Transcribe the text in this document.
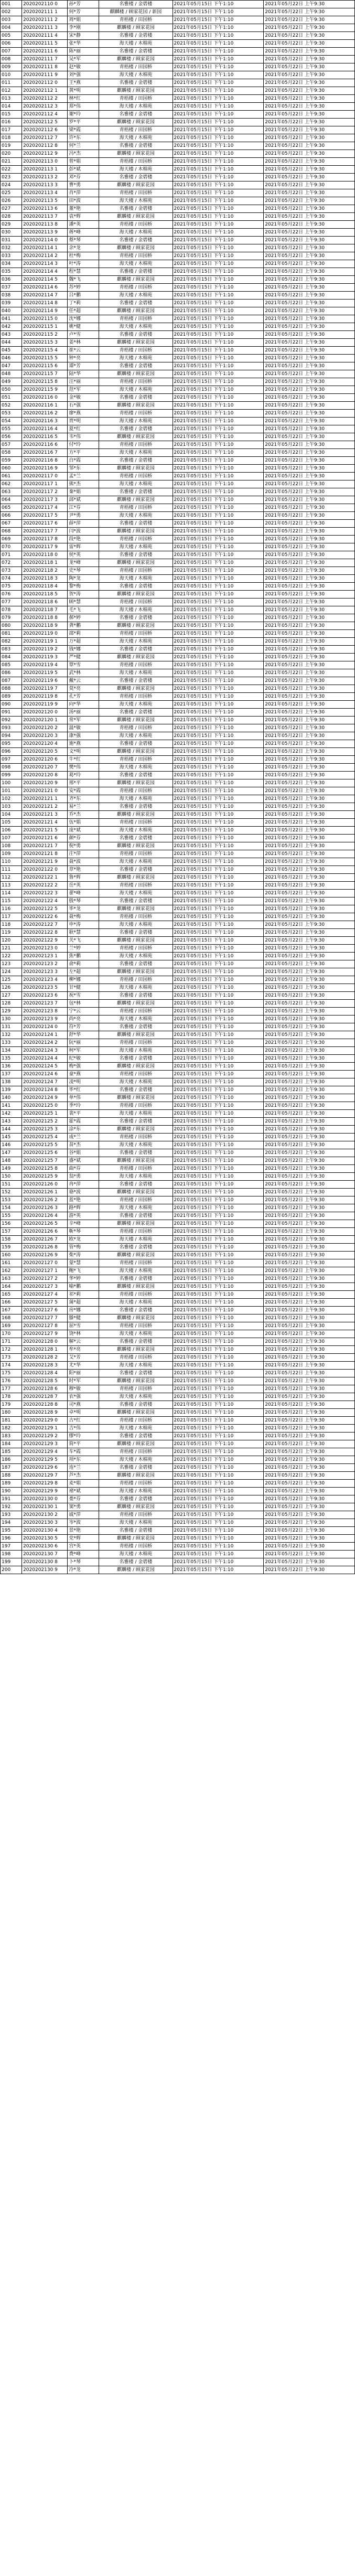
001	2020202110 0	孙*芳	名雅楼 / 金碧楼	2021年05月15日 下午1:10	2021年05月22日 上午9:30
002	2020202111 1	何*芳	麒麟楼 / 顾家花园 / 新园	2021年05月15日 下午1:10	2021年05月22日 上午9:30
003	2020202111 2	周*娟	青梧楼 / 田园桥	2021年05月15日 下午1:10	2021年05月22日 上午9:30
004	2020202111 3	李*刚	麒麟楼 / 顾家花园	2021年05月15日 下午1:10	2021年05月22日 上午9:30
005	2020202111 4	宋*静	名雅楼 / 金碧楼	2021年05月15日 下午1:10	2021年05月22日 上午9:30
006	2020202111 5	张*华	海天楼 / 木棉苑	2021年05月15日 下午1:10	2021年05月22日 上午9:30
007	2020202111 6	陈*丽	名雅楼 / 金碧楼	2021年05月15日 下午1:10	2021年05月22日 上午9:30
008	2020202111 7	吴*军	麒麟楼 / 顾家花园	2021年05月15日 下午1:10	2021年05月22日 上午9:30
009	2020202111 8	赵*敏	青梧楼 / 田园桥	2021年05月15日 下午1:10	2021年05月22日 上午9:30
010	2020202111 9	刘*强	海天楼 / 木棉苑	2021年05月15日 下午1:10	2021年05月22日 上午9:30
011	2020202112 0	王*燕	名雅楼 / 金碧楼	2021年05月15日 下午1:10	2021年05月22日 上午9:30
012	2020202112 1	黄*明	麒麟楼 / 顾家花园	2021年05月15日 下午1:10	2021年05月22日 上午9:30
013	2020202112 2	林*红	青梧楼 / 田园桥	2021年05月15日 下午1:10	2021年05月22日 上午9:30
014	2020202112 3	郑*伟	海天楼 / 木棉苑	2021年05月15日 下午1:10	2021年05月22日 上午9:30
015	2020202112 4	谢*玲	名雅楼 / 金碧楼	2021年05月15日 下午1:10	2021年05月22日 上午9:30
016	2020202112 5	罗*平	麒麟楼 / 顾家花园	2021年05月15日 下午1:10	2021年05月22日 上午9:30
017	2020202112 6	梁*霞	青梧楼 / 田园桥	2021年05月15日 下午1:10	2021年05月22日 上午9:30
018	2020202112 7	许*东	海天楼 / 木棉苑	2021年05月15日 下午1:10	2021年05月22日 上午9:30
019	2020202112 8	何*兰	名雅楼 / 金碧楼	2021年05月15日 下午1:10	2021年05月22日 上午9:30
020	2020202112 9	冯*杰	麒麟楼 / 顾家花园	2021年05月15日 下午1:10	2021年05月22日 上午9:30
021	2020202113 0	曾*娟	青梧楼 / 田园桥	2021年05月15日 下午1:10	2021年05月22日 上午9:30
022	2020202113 1	彭*斌	海天楼 / 木棉苑	2021年05月15日 下午1:10	2021年05月22日 上午9:30
023	2020202113 2	邓*芬	名雅楼 / 金碧楼	2021年05月15日 下午1:10	2021年05月22日 上午9:30
024	2020202113 3	曹*勇	麒麟楼 / 顾家花园	2021年05月15日 下午1:10	2021年05月22日 上午9:30
025	2020202113 4	肖*萍	青梧楼 / 田园桥	2021年05月15日 下午1:10	2021年05月22日 上午9:30
026	2020202113 5	田*波	海天楼 / 木棉苑	2021年05月15日 下午1:10	2021年05月22日 上午9:30
027	2020202113 6	董*艳	名雅楼 / 金碧楼	2021年05月15日 下午1:10	2021年05月22日 上午9:30
028	2020202113 7	袁*辉	麒麟楼 / 顾家花园	2021年05月15日 下午1:10	2021年05月22日 上午9:30
029	2020202113 8	潘*英	青梧楼 / 田园桥	2021年05月15日 下午1:10	2021年05月22日 上午9:30
030	2020202113 9	蒋*峰	海天楼 / 木棉苑	2021年05月15日 下午1:10	2021年05月22日 上午9:30
031	2020202114 0	蔡*琴	名雅楼 / 金碧楼	2021年05月15日 下午1:10	2021年05月22日 上午9:30
032	2020202114 1	余*龙	麒麟楼 / 顾家花园	2021年05月15日 下午1:10	2021年05月22日 上午9:30
033	2020202114 2	杜*梅	青梧楼 / 田园桥	2021年05月15日 下午1:10	2021年05月22日 上午9:30
034	2020202114 3	叶*涛	海天楼 / 木棉苑	2021年05月15日 下午1:10	2021年05月22日 上午9:30
035	2020202114 4	程*慧	名雅楼 / 金碧楼	2021年05月15日 下午1:10	2021年05月22日 上午9:30
036	2020202114 5	魏*飞	麒麟楼 / 顾家花园	2021年05月15日 下午1:10	2021年05月22日 上午9:30
037	2020202114 6	苏*婷	青梧楼 / 田园桥	2021年05月15日 下午1:10	2021年05月22日 上午9:30
038	2020202114 7	吕*鹏	海天楼 / 木棉苑	2021年05月15日 下午1:10	2021年05月22日 上午9:30
039	2020202114 8	丁*莉	名雅楼 / 金碧楼	2021年05月15日 下午1:10	2021年05月22日 上午9:30
040	2020202114 9	任*超	麒麟楼 / 顾家花园	2021年05月15日 下午1:10	2021年05月22日 上午9:30
041	2020202115 0	沈*娜	青梧楼 / 田园桥	2021年05月15日 下午1:10	2021年05月22日 上午9:30
042	2020202115 1	姚*健	海天楼 / 木棉苑	2021年05月15日 下午1:10	2021年05月22日 上午9:30
043	2020202115 2	卢*雪	名雅楼 / 金碧楼	2021年05月15日 下午1:10	2021年05月22日 上午9:30
044	2020202115 3	姜*林	麒麟楼 / 顾家花园	2021年05月15日 下午1:10	2021年05月22日 上午9:30
045	2020202115 4	崔*云	青梧楼 / 田园桥	2021年05月15日 下午1:10	2021年05月22日 上午9:30
046	2020202115 5	钟*亮	海天楼 / 木棉苑	2021年05月15日 下午1:10	2021年05月22日 上午9:30
047	2020202115 6	谭*芳	名雅楼 / 金碧楼	2021年05月15日 下午1:10	2021年05月22日 上午9:30
048	2020202115 7	陆*华	麒麟楼 / 顾家花园	2021年05月15日 下午1:10	2021年05月22日 上午9:30
049	2020202115 8	汪*丽	青梧楼 / 田园桥	2021年05月15日 下午1:10	2021年05月22日 上午9:30
050	2020202115 9	范*军	海天楼 / 木棉苑	2021年05月15日 下午1:10	2021年05月22日 上午9:30
051	2020202116 0	金*敏	名雅楼 / 金碧楼	2021年05月15日 下午1:10	2021年05月22日 上午9:30
052	2020202116 1	石*强	麒麟楼 / 顾家花园	2021年05月15日 下午1:10	2021年05月22日 上午9:30
053	2020202116 2	廖*燕	青梧楼 / 田园桥	2021年05月15日 下午1:10	2021年05月22日 上午9:30
054	2020202116 3	贾*明	海天楼 / 木棉苑	2021年05月15日 下午1:10	2021年05月22日 上午9:30
055	2020202116 4	夏*红	名雅楼 / 金碧楼	2021年05月15日 下午1:10	2021年05月22日 上午9:30
056	2020202116 5	韦*伟	麒麟楼 / 顾家花园	2021年05月15日 下午1:10	2021年05月22日 上午9:30
057	2020202116 6	付*玲	青梧楼 / 田园桥	2021年05月15日 下午1:10	2021年05月22日 上午9:30
058	2020202116 7	方*平	海天楼 / 木棉苑	2021年05月15日 下午1:10	2021年05月22日 上午9:30
059	2020202116 8	白*霞	名雅楼 / 金碧楼	2021年05月15日 下午1:10	2021年05月22日 上午9:30
060	2020202116 9	邹*东	麒麟楼 / 顾家花园	2021年05月15日 下午1:10	2021年05月22日 上午9:30
061	2020202117 0	孟*兰	青梧楼 / 田园桥	2021年05月15日 下午1:10	2021年05月22日 上午9:30
062	2020202117 1	熊*杰	海天楼 / 木棉苑	2021年05月15日 下午1:10	2021年05月22日 上午9:30
063	2020202117 2	秦*娟	名雅楼 / 金碧楼	2021年05月15日 下午1:10	2021年05月22日 上午9:30
064	2020202117 3	邱*斌	麒麟楼 / 顾家花园	2021年05月15日 下午1:10	2021年05月22日 上午9:30
065	2020202117 4	江*芬	青梧楼 / 田园桥	2021年05月15日 下午1:10	2021年05月22日 上午9:30
066	2020202117 5	尹*勇	海天楼 / 木棉苑	2021年05月15日 下午1:10	2021年05月22日 上午9:30
067	2020202117 6	薛*萍	名雅楼 / 金碧楼	2021年05月15日 下午1:10	2021年05月22日 上午9:30
068	2020202117 7	闫*波	麒麟楼 / 顾家花园	2021年05月15日 下午1:10	2021年05月22日 上午9:30
069	2020202117 8	段*艳	青梧楼 / 田园桥	2021年05月15日 下午1:10	2021年05月22日 上午9:30
070	2020202117 9	雷*辉	海天楼 / 木棉苑	2021年05月15日 下午1:10	2021年05月22日 上午9:30
071	2020202118 0	侯*英	名雅楼 / 金碧楼	2021年05月15日 下午1:10	2021年05月22日 上午9:30
072	2020202118 1	龙*峰	麒麟楼 / 顾家花园	2021年05月15日 下午1:10	2021年05月22日 上午9:30
073	2020202118 2	史*琴	青梧楼 / 田园桥	2021年05月15日 下午1:10	2021年05月22日 上午9:30
074	2020202118 3	陶*龙	海天楼 / 木棉苑	2021年05月15日 下午1:10	2021年05月22日 上午9:30
075	2020202118 4	黎*梅	名雅楼 / 金碧楼	2021年05月15日 下午1:10	2021年05月22日 上午9:30
076	2020202118 5	贺*涛	麒麟楼 / 顾家花园	2021年05月15日 下午1:10	2021年05月22日 上午9:30
077	2020202118 6	顾*慧	青梧楼 / 田园桥	2021年05月15日 下午1:10	2021年05月22日 上午9:30
078	2020202118 7	毛*飞	海天楼 / 木棉苑	2021年05月15日 下午1:10	2021年05月22日 上午9:30
079	2020202118 8	郝*婷	名雅楼 / 金碧楼	2021年05月15日 下午1:10	2021年05月22日 上午9:30
080	2020202118 9	龚*鹏	麒麟楼 / 顾家花园	2021年05月15日 下午1:10	2021年05月22日 上午9:30
081	2020202119 0	邵*莉	青梧楼 / 田园桥	2021年05月15日 下午1:10	2021年05月22日 上午9:30
082	2020202119 1	万*超	海天楼 / 木棉苑	2021年05月15日 下午1:10	2021年05月22日 上午9:30
083	2020202119 2	钱*娜	名雅楼 / 金碧楼	2021年05月15日 下午1:10	2021年05月22日 上午9:30
084	2020202119 3	严*健	麒麟楼 / 顾家花园	2021年05月15日 下午1:10	2021年05月22日 上午9:30
085	2020202119 4	覃*雪	青梧楼 / 田园桥	2021年05月15日 下午1:10	2021年05月22日 上午9:30
086	2020202119 5	武*林	海天楼 / 木棉苑	2021年05月15日 下午1:10	2021年05月22日 上午9:30
087	2020202119 6	戴*云	名雅楼 / 金碧楼	2021年05月15日 下午1:10	2021年05月22日 上午9:30
088	2020202119 7	莫*亮	麒麟楼 / 顾家花园	2021年05月15日 下午1:10	2021年05月22日 上午9:30
089	2020202119 8	孔*芳	青梧楼 / 田园桥	2021年05月15日 下午1:10	2021年05月22日 上午9:30
090	2020202119 9	向*华	海天楼 / 木棉苑	2021年05月15日 下午1:10	2021年05月22日 上午9:30
091	2020202120 0	汤*丽	名雅楼 / 金碧楼	2021年05月15日 下午1:10	2021年05月22日 上午9:30
092	2020202120 1	常*军	麒麟楼 / 顾家花园	2021年05月15日 下午1:10	2021年05月22日 上午9:30
093	2020202120 2	温*敏	青梧楼 / 田园桥	2021年05月15日 下午1:10	2021年05月22日 上午9:30
094	2020202120 3	康*强	海天楼 / 木棉苑	2021年05月15日 下午1:10	2021年05月22日 上午9:30
095	2020202120 4	施*燕	名雅楼 / 金碧楼	2021年05月15日 下午1:10	2021年05月22日 上午9:30
096	2020202120 5	文*明	麒麟楼 / 顾家花园	2021年05月15日 下午1:10	2021年05月22日 上午9:30
097	2020202120 6	牛*红	青梧楼 / 田园桥	2021年05月15日 下午1:10	2021年05月22日 上午9:30
098	2020202120 7	樊*伟	海天楼 / 木棉苑	2021年05月15日 下午1:10	2021年05月22日 上午9:30
099	2020202120 8	葛*玲	名雅楼 / 金碧楼	2021年05月15日 下午1:10	2021年05月22日 上午9:30
100	2020202120 9	邢*平	麒麟楼 / 顾家花园	2021年05月15日 下午1:10	2021年05月22日 上午9:30
101	2020202121 0	安*霞	青梧楼 / 田园桥	2021年05月15日 下午1:10	2021年05月22日 上午9:30
102	2020202121 1	齐*东	海天楼 / 木棉苑	2021年05月15日 下午1:10	2021年05月22日 上午9:30
103	2020202121 2	易*兰	名雅楼 / 金碧楼	2021年05月15日 下午1:10	2021年05月22日 上午9:30
104	2020202121 3	乔*杰	麒麟楼 / 顾家花园	2021年05月15日 下午1:10	2021年05月22日 上午9:30
105	2020202121 4	伍*娟	青梧楼 / 田园桥	2021年05月15日 下午1:10	2021年05月22日 上午9:30
106	2020202121 5	庞*斌	海天楼 / 木棉苑	2021年05月15日 下午1:10	2021年05月22日 上午9:30
107	2020202121 6	颜*芬	名雅楼 / 金碧楼	2021年05月15日 下午1:10	2021年05月22日 上午9:30
108	2020202121 7	倪*勇	麒麟楼 / 顾家花园	2021年05月15日 下午1:10	2021年05月22日 上午9:30
109	2020202121 8	庄*萍	青梧楼 / 田园桥	2021年05月15日 下午1:10	2021年05月22日 上午9:30
110	2020202121 9	聂*波	海天楼 / 木棉苑	2021年05月15日 下午1:10	2021年05月22日 上午9:30
111	2020202122 0	章*艳	名雅楼 / 金碧楼	2021年05月15日 下午1:10	2021年05月22日 上午9:30
112	2020202122 1	鲁*辉	麒麟楼 / 顾家花园	2021年05月15日 下午1:10	2021年05月22日 上午9:30
113	2020202122 2	岳*英	青梧楼 / 田园桥	2021年05月15日 下午1:10	2021年05月22日 上午9:30
114	2020202122 3	翟*峰	海天楼 / 木棉苑	2021年05月15日 下午1:10	2021年05月22日 上午9:30
115	2020202122 4	殷*琴	名雅楼 / 金碧楼	2021年05月15日 下午1:10	2021年05月22日 上午9:30
116	2020202122 5	毕*龙	麒麟楼 / 顾家花园	2021年05月15日 下午1:10	2021年05月22日 上午9:30
117	2020202122 6	聂*梅	青梧楼 / 田园桥	2021年05月15日 下午1:10	2021年05月22日 上午9:30
118	2020202122 7	申*涛	海天楼 / 木棉苑	2021年05月15日 下午1:10	2021年05月22日 上午9:30
119	2020202122 8	耿*慧	名雅楼 / 金碧楼	2021年05月15日 下午1:10	2021年05月22日 上午9:30
120	2020202122 9	关*飞	麒麟楼 / 顾家花园	2021年05月15日 下午1:10	2021年05月22日 上午9:30
121	2020202123 0	兰*婷	青梧楼 / 田园桥	2021年05月15日 下午1:10	2021年05月22日 上午9:30
122	2020202123 1	焦*鹏	海天楼 / 木棉苑	2021年05月15日 下午1:10	2021年05月22日 上午9:30
123	2020202123 2	俞*莉	名雅楼 / 金碧楼	2021年05月15日 下午1:10	2021年05月22日 上午9:30
124	2020202123 3	左*超	麒麟楼 / 顾家花园	2021年05月15日 下午1:10	2021年05月22日 上午9:30
125	2020202123 4	柳*娜	青梧楼 / 田园桥	2021年05月15日 下午1:10	2021年05月22日 上午9:30
126	2020202123 5	甘*健	海天楼 / 木棉苑	2021年05月15日 下午1:10	2021年05月22日 上午9:30
127	2020202123 6	祝*雪	名雅楼 / 金碧楼	2021年05月15日 下午1:10	2021年05月22日 上午9:30
128	2020202123 7	包*林	麒麟楼 / 顾家花园	2021年05月15日 下午1:10	2021年05月22日 上午9:30
129	2020202123 8	宁*云	青梧楼 / 田园桥	2021年05月15日 下午1:10	2021年05月22日 上午9:30
130	2020202123 9	尚*亮	海天楼 / 木棉苑	2021年05月15日 下午1:10	2021年05月22日 上午9:30
131	2020202124 0	符*芳	名雅楼 / 金碧楼	2021年05月15日 下午1:10	2021年05月22日 上午9:30
132	2020202124 1	舒*华	麒麟楼 / 顾家花园	2021年05月15日 下午1:10	2021年05月22日 上午9:30
133	2020202124 2	阮*丽	青梧楼 / 田园桥	2021年05月15日 下午1:10	2021年05月22日 上午9:30
134	2020202124 3	柯*军	海天楼 / 木棉苑	2021年05月15日 下午1:10	2021年05月22日 上午9:30
135	2020202124 4	纪*敏	名雅楼 / 金碧楼	2021年05月15日 下午1:10	2021年05月22日 上午9:30
136	2020202124 5	梅*强	麒麟楼 / 顾家花园	2021年05月15日 下午1:10	2021年05月22日 上午9:30
137	2020202124 6	童*燕	青梧楼 / 田园桥	2021年05月15日 下午1:10	2021年05月22日 上午9:30
138	2020202124 7	凌*明	海天楼 / 木棉苑	2021年05月15日 下午1:10	2021年05月22日 上午9:30
139	2020202124 8	毕*红	名雅楼 / 金碧楼	2021年05月15日 下午1:10	2021年05月22日 上午9:30
140	2020202124 9	单*伟	麒麟楼 / 顾家花园	2021年05月15日 下午1:10	2021年05月22日 上午9:30
141	2020202125 0	季*玲	青梧楼 / 田园桥	2021年05月15日 下午1:10	2021年05月22日 上午9:30
142	2020202125 1	裴*平	海天楼 / 木棉苑	2021年05月15日 下午1:10	2021年05月22日 上午9:30
143	2020202125 2	霍*霞	名雅楼 / 金碧楼	2021年05月15日 下午1:10	2021年05月22日 上午9:30
144	2020202125 3	涂*东	麒麟楼 / 顾家花园	2021年05月15日 下午1:10	2021年05月22日 上午9:30
145	2020202125 4	成*兰	青梧楼 / 田园桥	2021年05月15日 下午1:10	2021年05月22日 上午9:30
146	2020202125 5	苗*杰	海天楼 / 木棉苑	2021年05月15日 下午1:10	2021年05月22日 上午9:30
147	2020202125 6	谷*娟	名雅楼 / 金碧楼	2021年05月15日 下午1:10	2021年05月22日 上午9:30
148	2020202125 7	盛*斌	麒麟楼 / 顾家花园	2021年05月15日 下午1:10	2021年05月22日 上午9:30
149	2020202125 8	曲*芬	青梧楼 / 田园桥	2021年05月15日 下午1:10	2021年05月22日 上午9:30
150	2020202125 9	翁*勇	海天楼 / 木棉苑	2021年05月15日 下午1:10	2021年05月22日 上午9:30
151	2020202126 0	冉*萍	名雅楼 / 金碧楼	2021年05月15日 下午1:10	2021年05月22日 上午9:30
152	2020202126 1	骆*波	麒麟楼 / 顾家花园	2021年05月15日 下午1:10	2021年05月22日 上午9:30
153	2020202126 2	蓝*艳	青梧楼 / 田园桥	2021年05月15日 下午1:10	2021年05月22日 上午9:30
154	2020202126 3	路*辉	海天楼 / 木棉苑	2021年05月15日 下午1:10	2021年05月22日 上午9:30
155	2020202126 4	游*英	名雅楼 / 金碧楼	2021年05月15日 下午1:10	2021年05月22日 上午9:30
156	2020202126 5	辛*峰	麒麟楼 / 顾家花园	2021年05月15日 下午1:10	2021年05月22日 上午9:30
157	2020202126 6	靳*琴	青梧楼 / 田园桥	2021年05月15日 下午1:10	2021年05月22日 上午9:30
158	2020202126 7	欧*龙	海天楼 / 木棉苑	2021年05月15日 下午1:10	2021年05月22日 上午9:30
159	2020202126 8	管*梅	名雅楼 / 金碧楼	2021年05月15日 下午1:10	2021年05月22日 上午9:30
160	2020202126 9	柴*涛	麒麟楼 / 顾家花园	2021年05月15日 下午1:10	2021年05月22日 上午9:30
161	2020202127 0	蒙*慧	青梧楼 / 田园桥	2021年05月15日 下午1:10	2021年05月22日 上午9:30
162	2020202127 1	鲍*飞	海天楼 / 木棉苑	2021年05月15日 下午1:10	2021年05月22日 上午9:30
163	2020202127 2	华*婷	名雅楼 / 金碧楼	2021年05月15日 下午1:10	2021年05月22日 上午9:30
164	2020202127 3	喻*鹏	麒麟楼 / 顾家花园	2021年05月15日 下午1:10	2021年05月22日 上午9:30
165	2020202127 4	祁*莉	青梧楼 / 田园桥	2021年05月15日 下午1:10	2021年05月22日 上午9:30
166	2020202127 5	蒲*超	海天楼 / 木棉苑	2021年05月15日 下午1:10	2021年05月22日 上午9:30
167	2020202127 6	房*娜	名雅楼 / 金碧楼	2021年05月15日 下午1:10	2021年05月22日 上午9:30
168	2020202127 7	滕*健	麒麟楼 / 顾家花园	2021年05月15日 下午1:10	2021年05月22日 上午9:30
169	2020202127 8	屈*雪	青梧楼 / 田园桥	2021年05月15日 下午1:10	2021年05月22日 上午9:30
170	2020202127 9	饶*林	海天楼 / 木棉苑	2021年05月15日 下午1:10	2021年05月22日 上午9:30
171	2020202128 0	解*云	名雅楼 / 金碧楼	2021年05月15日 下午1:10	2021年05月22日 上午9:30
172	2020202128 1	牟*亮	麒麟楼 / 顾家花园	2021年05月15日 下午1:10	2021年05月22日 上午9:30
173	2020202128 2	艾*芳	青梧楼 / 田园桥	2021年05月15日 下午1:10	2021年05月22日 上午9:30
174	2020202128 3	尤*华	海天楼 / 木棉苑	2021年05月15日 下午1:10	2021年05月22日 上午9:30
175	2020202128 4	阳*丽	名雅楼 / 金碧楼	2021年05月15日 下午1:10	2021年05月22日 上午9:30
176	2020202128 5	时*军	麒麟楼 / 顾家花园	2021年05月15日 下午1:10	2021年05月22日 上午9:30
177	2020202128 6	穆*敏	青梧楼 / 田园桥	2021年05月15日 下午1:10	2021年05月22日 上午9:30
178	2020202128 7	农*强	海天楼 / 木棉苑	2021年05月15日 下午1:10	2021年05月22日 上午9:30
179	2020202128 8	司*燕	名雅楼 / 金碧楼	2021年05月15日 下午1:10	2021年05月22日 上午9:30
180	2020202128 9	卓*明	麒麟楼 / 顾家花园	2021年05月15日 下午1:10	2021年05月22日 上午9:30
181	2020202129 0	古*红	青梧楼 / 田园桥	2021年05月15日 下午1:10	2021年05月22日 上午9:30
182	2020202129 1	吉*伟	海天楼 / 木棉苑	2021年05月15日 下午1:10	2021年05月22日 上午9:30
183	2020202129 2	缪*玲	名雅楼 / 金碧楼	2021年05月15日 下午1:10	2021年05月22日 上午9:30
184	2020202129 3	简*平	麒麟楼 / 顾家花园	2021年05月15日 下午1:10	2021年05月22日 上午9:30
185	2020202129 4	车*霞	青梧楼 / 田园桥	2021年05月15日 下午1:10	2021年05月22日 上午9:30
186	2020202129 5	项*东	海天楼 / 木棉苑	2021年05月15日 下午1:10	2021年05月22日 上午9:30
187	2020202129 6	连*兰	名雅楼 / 金碧楼	2021年05月15日 下午1:10	2021年05月22日 上午9:30
188	2020202129 7	芦*杰	麒麟楼 / 顾家花园	2021年05月15日 下午1:10	2021年05月22日 上午9:30
189	2020202129 8	麦*娟	青梧楼 / 田园桥	2021年05月15日 下午1:10	2021年05月22日 上午9:30
190	2020202129 9	褚*斌	海天楼 / 木棉苑	2021年05月15日 下午1:10	2021年05月22日 上午9:30
191	2020202130 0	娄*芬	名雅楼 / 金碧楼	2021年05月15日 下午1:10	2021年05月22日 上午9:30
192	2020202130 1	窦*勇	麒麟楼 / 顾家花园	2021年05月15日 下午1:10	2021年05月22日 上午9:30
193	2020202130 2	戚*萍	青梧楼 / 田园桥	2021年05月15日 下午1:10	2021年05月22日 上午9:30
194	2020202130 3	岑*波	海天楼 / 木棉苑	2021年05月15日 下午1:10	2021年05月22日 上午9:30
195	2020202130 4	景*艳	名雅楼 / 金碧楼	2021年05月15日 下午1:10	2021年05月22日 上午9:30
196	2020202130 5	党*辉	麒麟楼 / 顾家花园	2021年05月15日 下午1:10	2021年05月22日 上午9:30
197	2020202130 6	宫*英	青梧楼 / 田园桥	2021年05月15日 下午1:10	2021年05月22日 上午9:30
198	2020202130 7	费*峰	海天楼 / 木棉苑	2021年05月15日 下午1:10	2021年05月22日 上午9:30
199	2020202130 8	卜*琴	名雅楼 / 金碧楼	2021年05月15日 下午1:10	2021年05月22日 上午9:30
200	2020202130 9	冷*龙	麒麟楼 / 顾家花园	2021年05月15日 下午1:10	2021年05月22日 上午9:30
